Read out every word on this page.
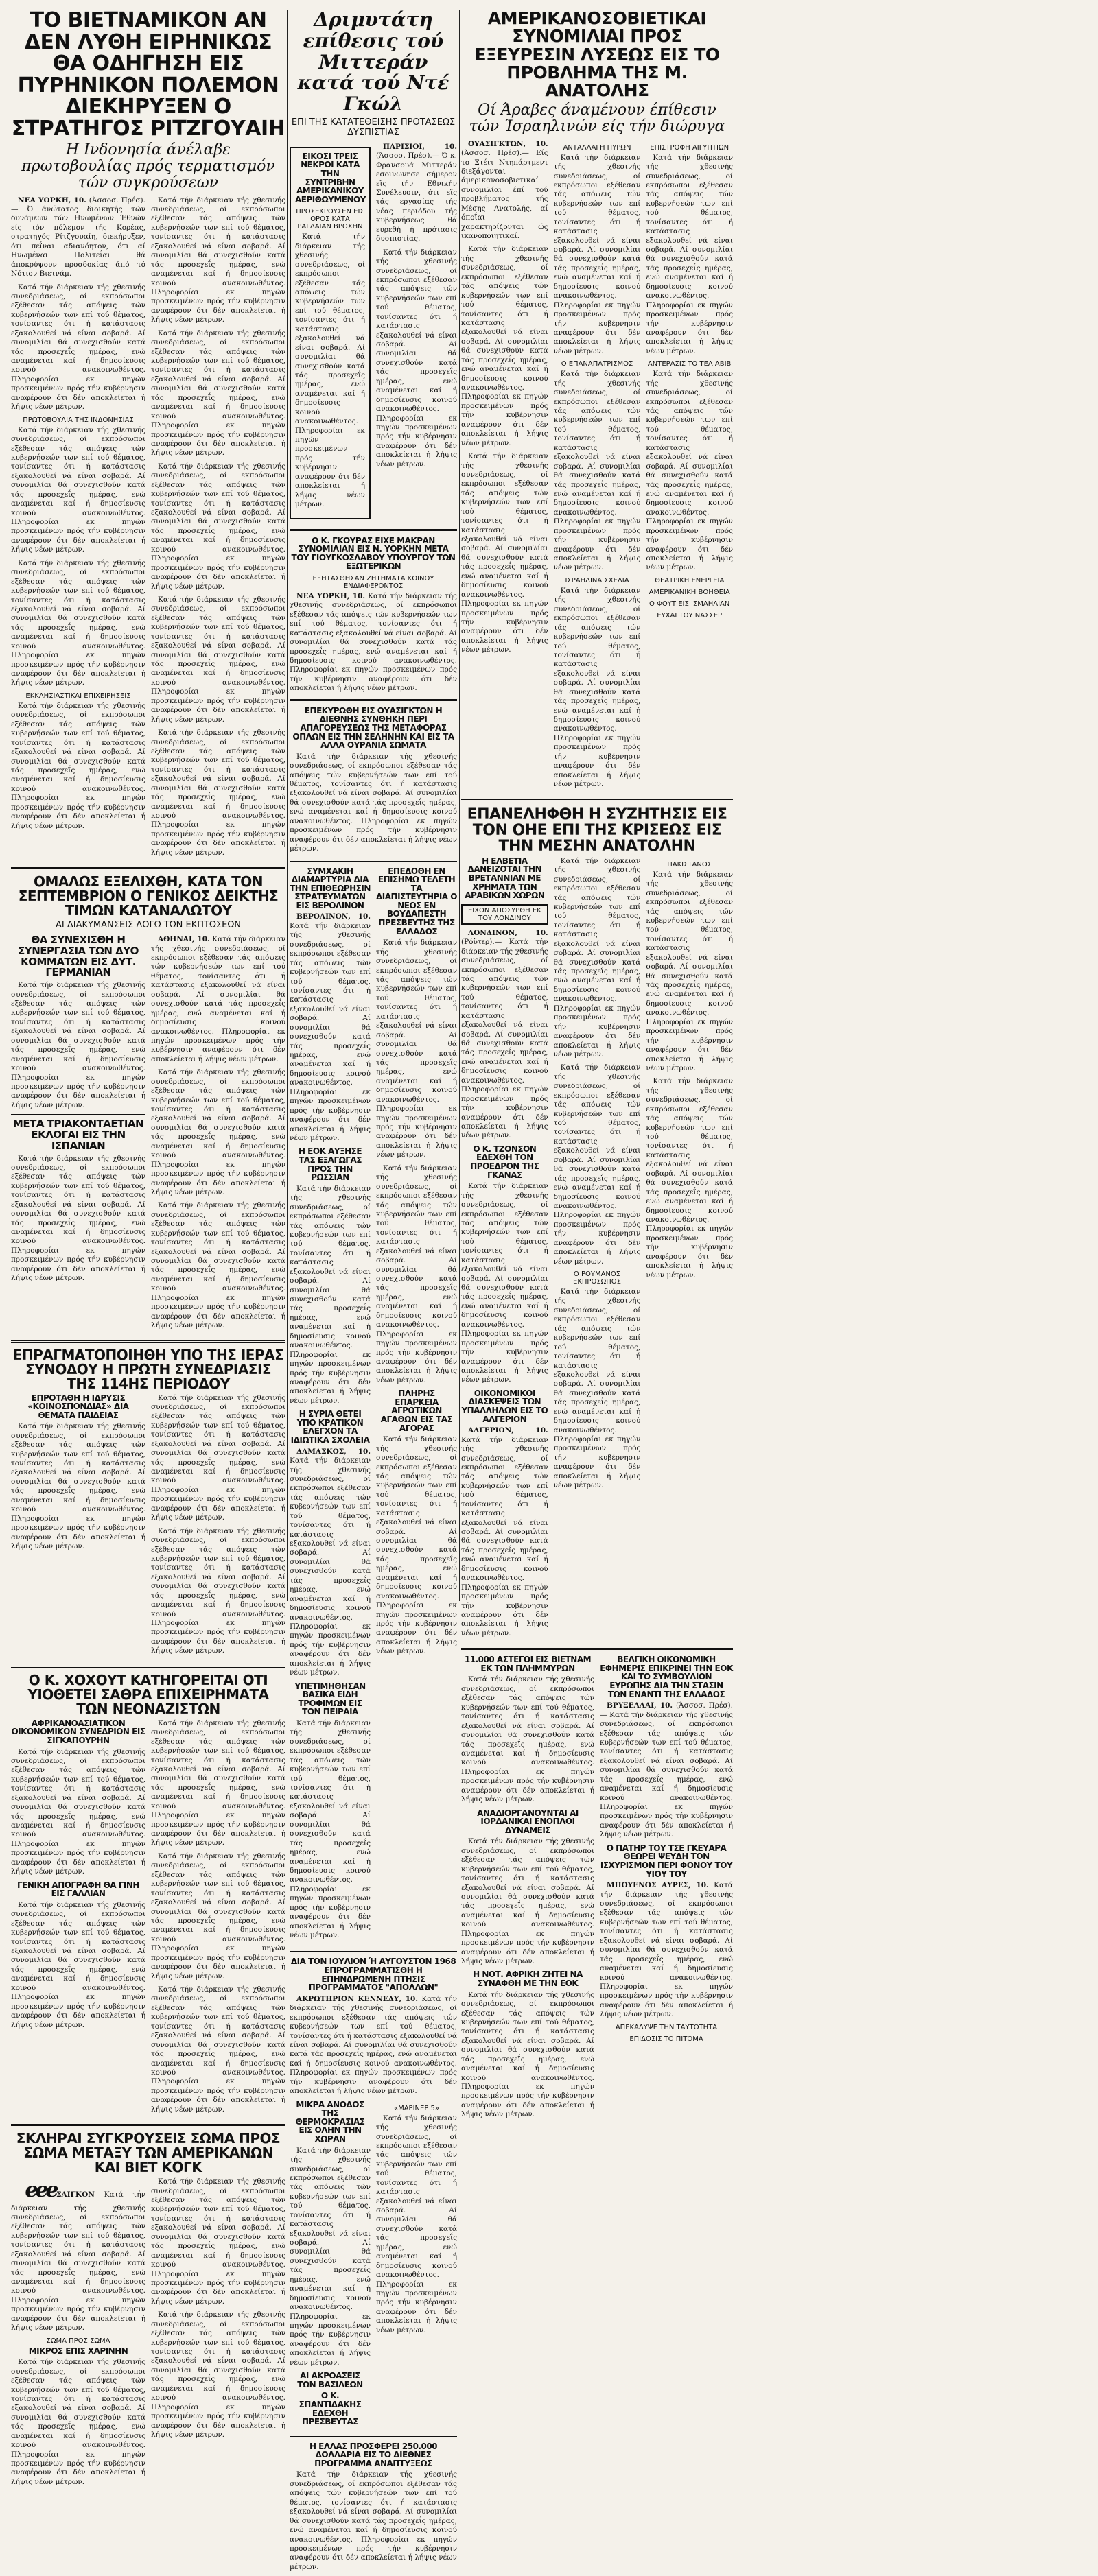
ΤΟ ΒΙΕΤΝΑΜΙΚΟΝ ΑΝ ΔΕΝ ΛΥΘΗ ΕΙΡΗΝΙΚΩΣ ΘΑ ΟΔΗΓΗΣΗ ΕΙΣ ΠΥΡΗΝΙΚΟΝ ΠΟΛΕΜΟΝ ΔΙΕΚΗΡΥΞΕΝ Ο ΣΤΡΑΤΗΓΟΣ ΡΙΤΖΓΟΥΑΙΗ
Η Ινδονησία άνέλαβε πρωτοβουλίας πρός τερματισμόν τών συγκρούσεων

ΝΕΑ ΥΟΡΚΗ, 10. (Άσσοσ. Πρέσ).— Ό άνώτατος διοικητής τών δυνάμεων τών Ηνωμένων Έθνών είς τόν πόλεμον τής Κορέας, στρατηγός Ρίτζγουαίη, διεκήρυξεν, ότι πεΐναι αδιανόητον, ότι αί Ηνωμέναι Πολιτεΐαι θά άποκρύψουν προσδοκίας άπό τό Νότιον Βιετνάμ.

Κατά τήν διάρκειαν τής χθεσινής συνεδριάσεως, οί εκπρόσωποι εξέθεσαν τάς απόψεις τών κυβερνήσεών των επί τού θέματος, τονίσαντες ότι ή κατάστασις εξακολουθεί νά είναι σοβαρά. Αί συνομιλίαι θά συνεχισθούν κατά τάς προσεχεΐς ημέρας, ενώ αναμένεται καί ή δημοσίευσις κοινού ανακοινωθέντος. Πληροφορίαι εκ πηγών προσκειμένων πρός τήν κυβέρνησιν αναφέρουν ότι δέν αποκλείεται ή λήψις νέων μέτρων.

ΠΡΩΤΟΒΟΥΛΙΑ ΤΗΣ ΙΝΔΟΝΗΣΙΑΣ

Κατά τήν διάρκειαν τής χθεσινής συνεδριάσεως, οί εκπρόσωποι εξέθεσαν τάς απόψεις τών κυβερνήσεών των επί τού θέματος, τονίσαντες ότι ή κατάστασις εξακολουθεί νά είναι σοβαρά. Αί συνομιλίαι θά συνεχισθούν κατά τάς προσεχεΐς ημέρας, ενώ αναμένεται καί ή δημοσίευσις κοινού ανακοινωθέντος. Πληροφορίαι εκ πηγών προσκειμένων πρός τήν κυβέρνησιν αναφέρουν ότι δέν αποκλείεται ή λήψις νέων μέτρων.

Κατά τήν διάρκειαν τής χθεσινής συνεδριάσεως, οί εκπρόσωποι εξέθεσαν τάς απόψεις τών κυβερνήσεών των επί τού θέματος, τονίσαντες ότι ή κατάστασις εξακολουθεί νά είναι σοβαρά. Αί συνομιλίαι θά συνεχισθούν κατά τάς προσεχεΐς ημέρας, ενώ αναμένεται καί ή δημοσίευσις κοινού ανακοινωθέντος. Πληροφορίαι εκ πηγών προσκειμένων πρός τήν κυβέρνησιν αναφέρουν ότι δέν αποκλείεται ή λήψις νέων μέτρων.

ΕΚΚΛΗΣΙΑΣΤΙΚΑΙ ΕΠΙΧΕΙΡΗΣΕΙΣ

Κατά τήν διάρκειαν τής χθεσινής συνεδριάσεως, οί εκπρόσωποι εξέθεσαν τάς απόψεις τών κυβερνήσεών των επί τού θέματος, τονίσαντες ότι ή κατάστασις εξακολουθεί νά είναι σοβαρά. Αί συνομιλίαι θά συνεχισθούν κατά τάς προσεχεΐς ημέρας, ενώ αναμένεται καί ή δημοσίευσις κοινού ανακοινωθέντος. Πληροφορίαι εκ πηγών προσκειμένων πρός τήν κυβέρνησιν αναφέρουν ότι δέν αποκλείεται ή λήψις νέων μέτρων.

Κατά τήν διάρκειαν τής χθεσινής συνεδριάσεως, οί εκπρόσωποι εξέθεσαν τάς απόψεις τών κυβερνήσεών των επί τού θέματος, τονίσαντες ότι ή κατάστασις εξακολουθεί νά είναι σοβαρά. Αί συνομιλίαι θά συνεχισθούν κατά τάς προσεχεΐς ημέρας, ενώ αναμένεται καί ή δημοσίευσις κοινού ανακοινωθέντος. Πληροφορίαι εκ πηγών προσκειμένων πρός τήν κυβέρνησιν αναφέρουν ότι δέν αποκλείεται ή λήψις νέων μέτρων.

Κατά τήν διάρκειαν τής χθεσινής συνεδριάσεως, οί εκπρόσωποι εξέθεσαν τάς απόψεις τών κυβερνήσεών των επί τού θέματος, τονίσαντες ότι ή κατάστασις εξακολουθεί νά είναι σοβαρά. Αί συνομιλίαι θά συνεχισθούν κατά τάς προσεχεΐς ημέρας, ενώ αναμένεται καί ή δημοσίευσις κοινού ανακοινωθέντος. Πληροφορίαι εκ πηγών προσκειμένων πρός τήν κυβέρνησιν αναφέρουν ότι δέν αποκλείεται ή λήψις νέων μέτρων.

Κατά τήν διάρκειαν τής χθεσινής συνεδριάσεως, οί εκπρόσωποι εξέθεσαν τάς απόψεις τών κυβερνήσεών των επί τού θέματος, τονίσαντες ότι ή κατάστασις εξακολουθεί νά είναι σοβαρά. Αί συνομιλίαι θά συνεχισθούν κατά τάς προσεχεΐς ημέρας, ενώ αναμένεται καί ή δημοσίευσις κοινού ανακοινωθέντος. Πληροφορίαι εκ πηγών προσκειμένων πρός τήν κυβέρνησιν αναφέρουν ότι δέν αποκλείεται ή λήψις νέων μέτρων.

Κατά τήν διάρκειαν τής χθεσινής συνεδριάσεως, οί εκπρόσωποι εξέθεσαν τάς απόψεις τών κυβερνήσεών των επί τού θέματος, τονίσαντες ότι ή κατάστασις εξακολουθεί νά είναι σοβαρά. Αί συνομιλίαι θά συνεχισθούν κατά τάς προσεχεΐς ημέρας, ενώ αναμένεται καί ή δημοσίευσις κοινού ανακοινωθέντος. Πληροφορίαι εκ πηγών προσκειμένων πρός τήν κυβέρνησιν αναφέρουν ότι δέν αποκλείεται ή λήψις νέων μέτρων.

Κατά τήν διάρκειαν τής χθεσινής συνεδριάσεως, οί εκπρόσωποι εξέθεσαν τάς απόψεις τών κυβερνήσεών των επί τού θέματος, τονίσαντες ότι ή κατάστασις εξακολουθεί νά είναι σοβαρά. Αί συνομιλίαι θά συνεχισθούν κατά τάς προσεχεΐς ημέρας, ενώ αναμένεται καί ή δημοσίευσις κοινού ανακοινωθέντος. Πληροφορίαι εκ πηγών προσκειμένων πρός τήν κυβέρνησιν αναφέρουν ότι δέν αποκλείεται ή λήψις νέων μέτρων.

ΟΜΑΛΩΣ ΕΞΕΛΙΧΘΗ, ΚΑΤΑ ΤΟΝ ΣΕΠΤΕΜΒΡΙΟΝ Ο ΓΕΝΙΚΟΣ ΔΕΙΚΤΗΣ ΤΙΜΩΝ ΚΑΤΑΝΑΛΩΤΟΥ
ΑΙ ΔΙΑΚΥΜΑΝΣΕΙΣ ΛΟΓΩ ΤΩΝ ΕΚΠΤΩΣΕΩΝ
ΘΑ ΣΥΝΕΧΙΣΘΗ Η ΣΥΝΕΡΓΑΣΙΑ ΤΩΝ ΔΥΟ ΚΟΜΜΑΤΩΝ ΕΙΣ ΔΥΤ. ΓΕΡΜΑΝΙΑΝ

Κατά τήν διάρκειαν τής χθεσινής συνεδριάσεως, οί εκπρόσωποι εξέθεσαν τάς απόψεις τών κυβερνήσεών των επί τού θέματος, τονίσαντες ότι ή κατάστασις εξακολουθεί νά είναι σοβαρά. Αί συνομιλίαι θά συνεχισθούν κατά τάς προσεχεΐς ημέρας, ενώ αναμένεται καί ή δημοσίευσις κοινού ανακοινωθέντος. Πληροφορίαι εκ πηγών προσκειμένων πρός τήν κυβέρνησιν αναφέρουν ότι δέν αποκλείεται ή λήψις νέων μέτρων.

ΜΕΤΑ ΤΡΙΑΚΟΝΤΑΕΤΙΑΝ ΕΚΛΟΓΑΙ ΕΙΣ ΤΗΝ ΙΣΠΑΝΙΑΝ

Κατά τήν διάρκειαν τής χθεσινής συνεδριάσεως, οί εκπρόσωποι εξέθεσαν τάς απόψεις τών κυβερνήσεών των επί τού θέματος, τονίσαντες ότι ή κατάστασις εξακολουθεί νά είναι σοβαρά. Αί συνομιλίαι θά συνεχισθούν κατά τάς προσεχεΐς ημέρας, ενώ αναμένεται καί ή δημοσίευσις κοινού ανακοινωθέντος. Πληροφορίαι εκ πηγών προσκειμένων πρός τήν κυβέρνησιν αναφέρουν ότι δέν αποκλείεται ή λήψις νέων μέτρων.

ΑΘΗΝΑΙ, 10. Κατά τήν διάρκειαν τής χθεσινής συνεδριάσεως, οί εκπρόσωποι εξέθεσαν τάς απόψεις τών κυβερνήσεών των επί τού θέματος, τονίσαντες ότι ή κατάστασις εξακολουθεί νά είναι σοβαρά. Αί συνομιλίαι θά συνεχισθούν κατά τάς προσεχεΐς ημέρας, ενώ αναμένεται καί ή δημοσίευσις κοινού ανακοινωθέντος. Πληροφορίαι εκ πηγών προσκειμένων πρός τήν κυβέρνησιν αναφέρουν ότι δέν αποκλείεται ή λήψις νέων μέτρων.

Κατά τήν διάρκειαν τής χθεσινής συνεδριάσεως, οί εκπρόσωποι εξέθεσαν τάς απόψεις τών κυβερνήσεών των επί τού θέματος, τονίσαντες ότι ή κατάστασις εξακολουθεί νά είναι σοβαρά. Αί συνομιλίαι θά συνεχισθούν κατά τάς προσεχεΐς ημέρας, ενώ αναμένεται καί ή δημοσίευσις κοινού ανακοινωθέντος. Πληροφορίαι εκ πηγών προσκειμένων πρός τήν κυβέρνησιν αναφέρουν ότι δέν αποκλείεται ή λήψις νέων μέτρων.

Κατά τήν διάρκειαν τής χθεσινής συνεδριάσεως, οί εκπρόσωποι εξέθεσαν τάς απόψεις τών κυβερνήσεών των επί τού θέματος, τονίσαντες ότι ή κατάστασις εξακολουθεί νά είναι σοβαρά. Αί συνομιλίαι θά συνεχισθούν κατά τάς προσεχεΐς ημέρας, ενώ αναμένεται καί ή δημοσίευσις κοινού ανακοινωθέντος. Πληροφορίαι εκ πηγών προσκειμένων πρός τήν κυβέρνησιν αναφέρουν ότι δέν αποκλείεται ή λήψις νέων μέτρων.

ΕΠΡΑΓΜΑΤΟΠΟΙΗΘΗ ΥΠΟ ΤΗΣ ΙΕΡΑΣ ΣΥΝΟΔΟΥ Η ΠΡΩΤΗ ΣΥΝΕΔΡΙΑΣΙΣ ΤΗΣ 114ΗΣ ΠΕΡΙΟΔΟΥ
ΕΠΡΟΤΑΘΗ Η ΙΔΡΥΣΙΣ «ΚΟΙΝΟΣΠΟΝΔΙΑΣ» ΔΙΑ ΘΕΜΑΤΑ ΠΑΙΔΕΙΑΣ

Κατά τήν διάρκειαν τής χθεσινής συνεδριάσεως, οί εκπρόσωποι εξέθεσαν τάς απόψεις τών κυβερνήσεών των επί τού θέματος, τονίσαντες ότι ή κατάστασις εξακολουθεί νά είναι σοβαρά. Αί συνομιλίαι θά συνεχισθούν κατά τάς προσεχεΐς ημέρας, ενώ αναμένεται καί ή δημοσίευσις κοινού ανακοινωθέντος. Πληροφορίαι εκ πηγών προσκειμένων πρός τήν κυβέρνησιν αναφέρουν ότι δέν αποκλείεται ή λήψις νέων μέτρων.

Κατά τήν διάρκειαν τής χθεσινής συνεδριάσεως, οί εκπρόσωποι εξέθεσαν τάς απόψεις τών κυβερνήσεών των επί τού θέματος, τονίσαντες ότι ή κατάστασις εξακολουθεί νά είναι σοβαρά. Αί συνομιλίαι θά συνεχισθούν κατά τάς προσεχεΐς ημέρας, ενώ αναμένεται καί ή δημοσίευσις κοινού ανακοινωθέντος. Πληροφορίαι εκ πηγών προσκειμένων πρός τήν κυβέρνησιν αναφέρουν ότι δέν αποκλείεται ή λήψις νέων μέτρων.

Κατά τήν διάρκειαν τής χθεσινής συνεδριάσεως, οί εκπρόσωποι εξέθεσαν τάς απόψεις τών κυβερνήσεών των επί τού θέματος, τονίσαντες ότι ή κατάστασις εξακολουθεί νά είναι σοβαρά. Αί συνομιλίαι θά συνεχισθούν κατά τάς προσεχεΐς ημέρας, ενώ αναμένεται καί ή δημοσίευσις κοινού ανακοινωθέντος. Πληροφορίαι εκ πηγών προσκειμένων πρός τήν κυβέρνησιν αναφέρουν ότι δέν αποκλείεται ή λήψις νέων μέτρων.

Ο Κ. ΧΟΧΟΥΤ ΚΑΤΗΓΟΡΕΙΤΑΙ ΟΤΙ ΥΙΟΘΕΤΕΙ ΣΑΘΡΑ ΕΠΙΧΕΙΡΗΜΑΤΑ ΤΩΝ ΝΕΟΝΑΖΙΣΤΩΝ
ΑΦΡΙΚΑΝΟΑΣΙΑΤΙΚΟΝ ΟΙΚΟΝΟΜΙΚΟΝ ΣΥΝΕΔΡΙΟΝ ΕΙΣ ΣΙΓΚΑΠΟΥΡΗΝ

Κατά τήν διάρκειαν τής χθεσινής συνεδριάσεως, οί εκπρόσωποι εξέθεσαν τάς απόψεις τών κυβερνήσεών των επί τού θέματος, τονίσαντες ότι ή κατάστασις εξακολουθεί νά είναι σοβαρά. Αί συνομιλίαι θά συνεχισθούν κατά τάς προσεχεΐς ημέρας, ενώ αναμένεται καί ή δημοσίευσις κοινού ανακοινωθέντος. Πληροφορίαι εκ πηγών προσκειμένων πρός τήν κυβέρνησιν αναφέρουν ότι δέν αποκλείεται ή λήψις νέων μέτρων.

ΓΕΝΙΚΗ ΑΠΟΓΡΑΦΗ ΘΑ ΓΙΝΗ ΕΙΣ ΓΑΛΛΙΑΝ

Κατά τήν διάρκειαν τής χθεσινής συνεδριάσεως, οί εκπρόσωποι εξέθεσαν τάς απόψεις τών κυβερνήσεών των επί τού θέματος, τονίσαντες ότι ή κατάστασις εξακολουθεί νά είναι σοβαρά. Αί συνομιλίαι θά συνεχισθούν κατά τάς προσεχεΐς ημέρας, ενώ αναμένεται καί ή δημοσίευσις κοινού ανακοινωθέντος. Πληροφορίαι εκ πηγών προσκειμένων πρός τήν κυβέρνησιν αναφέρουν ότι δέν αποκλείεται ή λήψις νέων μέτρων.

Κατά τήν διάρκειαν τής χθεσινής συνεδριάσεως, οί εκπρόσωποι εξέθεσαν τάς απόψεις τών κυβερνήσεών των επί τού θέματος, τονίσαντες ότι ή κατάστασις εξακολουθεί νά είναι σοβαρά. Αί συνομιλίαι θά συνεχισθούν κατά τάς προσεχεΐς ημέρας, ενώ αναμένεται καί ή δημοσίευσις κοινού ανακοινωθέντος. Πληροφορίαι εκ πηγών προσκειμένων πρός τήν κυβέρνησιν αναφέρουν ότι δέν αποκλείεται ή λήψις νέων μέτρων.

Κατά τήν διάρκειαν τής χθεσινής συνεδριάσεως, οί εκπρόσωποι εξέθεσαν τάς απόψεις τών κυβερνήσεών των επί τού θέματος, τονίσαντες ότι ή κατάστασις εξακολουθεί νά είναι σοβαρά. Αί συνομιλίαι θά συνεχισθούν κατά τάς προσεχεΐς ημέρας, ενώ αναμένεται καί ή δημοσίευσις κοινού ανακοινωθέντος. Πληροφορίαι εκ πηγών προσκειμένων πρός τήν κυβέρνησιν αναφέρουν ότι δέν αποκλείεται ή λήψις νέων μέτρων.

Κατά τήν διάρκειαν τής χθεσινής συνεδριάσεως, οί εκπρόσωποι εξέθεσαν τάς απόψεις τών κυβερνήσεών των επί τού θέματος, τονίσαντες ότι ή κατάστασις εξακολουθεί νά είναι σοβαρά. Αί συνομιλίαι θά συνεχισθούν κατά τάς προσεχεΐς ημέρας, ενώ αναμένεται καί ή δημοσίευσις κοινού ανακοινωθέντος. Πληροφορίαι εκ πηγών προσκειμένων πρός τήν κυβέρνησιν αναφέρουν ότι δέν αποκλείεται ή λήψις νέων μέτρων.

ΣΚΛΗΡΑΙ ΣΥΓΚΡΟΥΣΕΙΣ ΣΩΜΑ ΠΡΟΣ ΣΩΜΑ ΜΕΤΑΞΥ ΤΩΝ ΑΜΕΡΙΚΑΝΩΝ ΚΑΙ ΒΙΕΤ ΚΟΓΚ

eeeΣΑΙΓΚΟΝ Κατά τήν διάρκειαν τής χθεσινής συνεδριάσεως, οί εκπρόσωποι εξέθεσαν τάς απόψεις τών κυβερνήσεών των επί τού θέματος, τονίσαντες ότι ή κατάστασις εξακολουθεί νά είναι σοβαρά. Αί συνομιλίαι θά συνεχισθούν κατά τάς προσεχεΐς ημέρας, ενώ αναμένεται καί ή δημοσίευσις κοινού ανακοινωθέντος. Πληροφορίαι εκ πηγών προσκειμένων πρός τήν κυβέρνησιν αναφέρουν ότι δέν αποκλείεται ή λήψις νέων μέτρων.

ΣΩΜΑ ΠΡΟΣ ΣΩΜΑ
ΜΙΚΡΟΣ ΕΠΙΣ ΧΑΡΙΝΗΝ

Κατά τήν διάρκειαν τής χθεσινής συνεδριάσεως, οί εκπρόσωποι εξέθεσαν τάς απόψεις τών κυβερνήσεών των επί τού θέματος, τονίσαντες ότι ή κατάστασις εξακολουθεί νά είναι σοβαρά. Αί συνομιλίαι θά συνεχισθούν κατά τάς προσεχεΐς ημέρας, ενώ αναμένεται καί ή δημοσίευσις κοινού ανακοινωθέντος. Πληροφορίαι εκ πηγών προσκειμένων πρός τήν κυβέρνησιν αναφέρουν ότι δέν αποκλείεται ή λήψις νέων μέτρων.

Κατά τήν διάρκειαν τής χθεσινής συνεδριάσεως, οί εκπρόσωποι εξέθεσαν τάς απόψεις τών κυβερνήσεών των επί τού θέματος, τονίσαντες ότι ή κατάστασις εξακολουθεί νά είναι σοβαρά. Αί συνομιλίαι θά συνεχισθούν κατά τάς προσεχεΐς ημέρας, ενώ αναμένεται καί ή δημοσίευσις κοινού ανακοινωθέντος. Πληροφορίαι εκ πηγών προσκειμένων πρός τήν κυβέρνησιν αναφέρουν ότι δέν αποκλείεται ή λήψις νέων μέτρων.

Κατά τήν διάρκειαν τής χθεσινής συνεδριάσεως, οί εκπρόσωποι εξέθεσαν τάς απόψεις τών κυβερνήσεών των επί τού θέματος, τονίσαντες ότι ή κατάστασις εξακολουθεί νά είναι σοβαρά. Αί συνομιλίαι θά συνεχισθούν κατά τάς προσεχεΐς ημέρας, ενώ αναμένεται καί ή δημοσίευσις κοινού ανακοινωθέντος. Πληροφορίαι εκ πηγών προσκειμένων πρός τήν κυβέρνησιν αναφέρουν ότι δέν αποκλείεται ή λήψις νέων μέτρων.

Δριμυτάτη επίθεσις τού Μιττεράν κατά τού Ντέ Γκώλ
ΕΠΙ ΤΗΣ ΚΑΤΑΤΕΘΕΙΣΗΣ ΠΡΟΤΑΣΕΩΣ ΔΥΣΠΙΣΤΙΑΣ
ΕΙΚΟΣΙ ΤΡΕΙΣ ΝΕΚΡΟΙ ΚΑΤΑ ΤΗΝ ΣΥΝΤΡΙΒΗΝ ΑΜΕΡΙΚΑΝΙΚΟΥ ΑΕΡΙΘΩΥΜΕΝΟΥ
ΠΡΟΣΕΚΡΟΥΣΕΝ ΕΙΣ ΟΡΟΣ ΚΑΤΑ ΡΑΓΔΑΙΑΝ ΒΡΟΧΗΝ

Κατά τήν διάρκειαν τής χθεσινής συνεδριάσεως, οί εκπρόσωποι εξέθεσαν τάς απόψεις τών κυβερνήσεών των επί τού θέματος, τονίσαντες ότι ή κατάστασις εξακολουθεί νά είναι σοβαρά. Αί συνομιλίαι θά συνεχισθούν κατά τάς προσεχεΐς ημέρας, ενώ αναμένεται καί ή δημοσίευσις κοινού ανακοινωθέντος. Πληροφορίαι εκ πηγών προσκειμένων πρός τήν κυβέρνησιν αναφέρουν ότι δέν αποκλείεται ή λήψις νέων μέτρων.

ΠΑΡΙΣΙΟΙ, 10. (Άσσοσ. Πρέσ).— Ό κ. Φρανσουά Μιττεράν εσοινωνησε σήμερον εϊς τήν Εθνικήν Συνέλευσιν, ότι εϊς τάς εργασίας τής νέας περιόδου τής κυβερνήσεως θά ευρεθή ή πρότασις δυσπιστίας.

Κατά τήν διάρκειαν τής χθεσινής συνεδριάσεως, οί εκπρόσωποι εξέθεσαν τάς απόψεις τών κυβερνήσεών των επί τού θέματος, τονίσαντες ότι ή κατάστασις εξακολουθεί νά είναι σοβαρά. Αί συνομιλίαι θά συνεχισθούν κατά τάς προσεχεΐς ημέρας, ενώ αναμένεται καί ή δημοσίευσις κοινού ανακοινωθέντος. Πληροφορίαι εκ πηγών προσκειμένων πρός τήν κυβέρνησιν αναφέρουν ότι δέν αποκλείεται ή λήψις νέων μέτρων.

Ο Κ. ΓΚΟΥΡΑΣ ΕΙΧΕ ΜΑΚΡΑΝ ΣΥΝΟΜΙΛΙΑΝ ΕΙΣ Ν. ΥΟΡΚΗΝ ΜΕΤΑ ΤΟΥ ΓΙΟΥΓΚΟΣΛΑΒΟΥ ΥΠΟΥΡΓΟΥ ΤΩΝ ΕΞΩΤΕΡΙΚΩΝ
ΕΞΗΤΑΣΘΗΣΑΝ ΖΗΤΗΜΑΤΑ ΚΟΙΝΟΥ ΕΝΔΙΑΦΕΡΟΝΤΟΣ

ΝΕΑ ΥΟΡΚΗ, 10. Κατά τήν διάρκειαν τής χθεσινής συνεδριάσεως, οί εκπρόσωποι εξέθεσαν τάς απόψεις τών κυβερνήσεών των επί τού θέματος, τονίσαντες ότι ή κατάστασις εξακολουθεί νά είναι σοβαρά. Αί συνομιλίαι θά συνεχισθούν κατά τάς προσεχεΐς ημέρας, ενώ αναμένεται καί ή δημοσίευσις κοινού ανακοινωθέντος. Πληροφορίαι εκ πηγών προσκειμένων πρός τήν κυβέρνησιν αναφέρουν ότι δέν αποκλείεται ή λήψις νέων μέτρων.

ΕΠΕΚΥΡΩΘΗ ΕΙΣ ΟΥΑΣΙΓΚΤΩΝ Η ΔΙΕΘΝΗΣ ΣΥΝΘΗΚΗ ΠΕΡΙ ΑΠΑΓΟΡΕΥΣΕΩΣ ΤΗΣ ΜΕΤΑΦΟΡΑΣ ΟΠΛΩΝ ΕΙΣ ΤΗΝ ΣΕΛΗΝΗΝ ΚΑΙ ΕΙΣ ΤΑ ΑΛΛΑ ΟΥΡΑΝΙΑ ΣΩΜΑΤΑ

Κατά τήν διάρκειαν τής χθεσινής συνεδριάσεως, οί εκπρόσωποι εξέθεσαν τάς απόψεις τών κυβερνήσεών των επί τού θέματος, τονίσαντες ότι ή κατάστασις εξακολουθεί νά είναι σοβαρά. Αί συνομιλίαι θά συνεχισθούν κατά τάς προσεχεΐς ημέρας, ενώ αναμένεται καί ή δημοσίευσις κοινού ανακοινωθέντος. Πληροφορίαι εκ πηγών προσκειμένων πρός τήν κυβέρνησιν αναφέρουν ότι δέν αποκλείεται ή λήψις νέων μέτρων.

ΣΥΜΧΑΚΙΗ ΔΙΑΜΑΡΤΥΡΙΑ ΔΙΑ ΤΗΝ ΕΠΙΘΕΩΡΗΣΙΝ ΣΤΡΑΤΕΥΜΑΤΩΝ ΕΙΣ ΒΕΡΟΛΙΝΟΝ

ΒΕΡΟΛΙΝΟΝ, 10. Κατά τήν διάρκειαν τής χθεσινής συνεδριάσεως, οί εκπρόσωποι εξέθεσαν τάς απόψεις τών κυβερνήσεών των επί τού θέματος, τονίσαντες ότι ή κατάστασις εξακολουθεί νά είναι σοβαρά. Αί συνομιλίαι θά συνεχισθούν κατά τάς προσεχεΐς ημέρας, ενώ αναμένεται καί ή δημοσίευσις κοινού ανακοινωθέντος. Πληροφορίαι εκ πηγών προσκειμένων πρός τήν κυβέρνησιν αναφέρουν ότι δέν αποκλείεται ή λήψις νέων μέτρων.

Η ΕΟΚ ΑΥΞΗΣΕ ΤΑΣ ΕΞΑΓΩΓΑΣ ΠΡΟΣ ΤΗΝ ΡΩΣΣΙΑΝ

Κατά τήν διάρκειαν τής χθεσινής συνεδριάσεως, οί εκπρόσωποι εξέθεσαν τάς απόψεις τών κυβερνήσεών των επί τού θέματος, τονίσαντες ότι ή κατάστασις εξακολουθεί νά είναι σοβαρά. Αί συνομιλίαι θά συνεχισθούν κατά τάς προσεχεΐς ημέρας, ενώ αναμένεται καί ή δημοσίευσις κοινού ανακοινωθέντος. Πληροφορίαι εκ πηγών προσκειμένων πρός τήν κυβέρνησιν αναφέρουν ότι δέν αποκλείεται ή λήψις νέων μέτρων.

Η ΣΥΡΙΑ ΘΕΤΕΙ ΥΠΟ ΚΡΑΤΙΚΟΝ ΕΛΕΓΧΟΝ ΤΑ ΙΔΙΩΤΙΚΑ ΣΧΟΛΕΙΑ

ΔΑΜΑΣΚΟΣ, 10. Κατά τήν διάρκειαν τής χθεσινής συνεδριάσεως, οί εκπρόσωποι εξέθεσαν τάς απόψεις τών κυβερνήσεών των επί τού θέματος, τονίσαντες ότι ή κατάστασις εξακολουθεί νά είναι σοβαρά. Αί συνομιλίαι θά συνεχισθούν κατά τάς προσεχεΐς ημέρας, ενώ αναμένεται καί ή δημοσίευσις κοινού ανακοινωθέντος. Πληροφορίαι εκ πηγών προσκειμένων πρός τήν κυβέρνησιν αναφέρουν ότι δέν αποκλείεται ή λήψις νέων μέτρων.

ΥΠΕΤΙΜΗΘΗΣΑΝ ΒΑΣΙΚΑ ΕΙΔΗ ΤΡΟΦΙΜΩΝ ΕΙΣ ΤΟΝ ΠΕΙΡΑΙΑ

Κατά τήν διάρκειαν τής χθεσινής συνεδριάσεως, οί εκπρόσωποι εξέθεσαν τάς απόψεις τών κυβερνήσεών των επί τού θέματος, τονίσαντες ότι ή κατάστασις εξακολουθεί νά είναι σοβαρά. Αί συνομιλίαι θά συνεχισθούν κατά τάς προσεχεΐς ημέρας, ενώ αναμένεται καί ή δημοσίευσις κοινού ανακοινωθέντος. Πληροφορίαι εκ πηγών προσκειμένων πρός τήν κυβέρνησιν αναφέρουν ότι δέν αποκλείεται ή λήψις νέων μέτρων.

ΕΠΕΔΟΘΗ ΕΝ ΕΠΙΣΗΜΩ ΤΕΛΕΤΗ ΤΑ ΔΙΑΠΙΣΤΕΥΤΗΡΙΑ Ο ΝΕΟΣ ΕΝ ΒΟΥΔΑΠΕΣΤΗ ΠΡΕΣΒΕΥΤΗΣ ΤΗΣ ΕΛΛΑΔΟΣ

Κατά τήν διάρκειαν τής χθεσινής συνεδριάσεως, οί εκπρόσωποι εξέθεσαν τάς απόψεις τών κυβερνήσεών των επί τού θέματος, τονίσαντες ότι ή κατάστασις εξακολουθεί νά είναι σοβαρά. Αί συνομιλίαι θά συνεχισθούν κατά τάς προσεχεΐς ημέρας, ενώ αναμένεται καί ή δημοσίευσις κοινού ανακοινωθέντος. Πληροφορίαι εκ πηγών προσκειμένων πρός τήν κυβέρνησιν αναφέρουν ότι δέν αποκλείεται ή λήψις νέων μέτρων.

Κατά τήν διάρκειαν τής χθεσινής συνεδριάσεως, οί εκπρόσωποι εξέθεσαν τάς απόψεις τών κυβερνήσεών των επί τού θέματος, τονίσαντες ότι ή κατάστασις εξακολουθεί νά είναι σοβαρά. Αί συνομιλίαι θά συνεχισθούν κατά τάς προσεχεΐς ημέρας, ενώ αναμένεται καί ή δημοσίευσις κοινού ανακοινωθέντος. Πληροφορίαι εκ πηγών προσκειμένων πρός τήν κυβέρνησιν αναφέρουν ότι δέν αποκλείεται ή λήψις νέων μέτρων.

ΠΛΗΡΗΣ ΕΠΑΡΚΕΙΑ ΑΓΡΟΤΙΚΩΝ ΑΓΑΘΩΝ ΕΙΣ ΤΑΣ ΑΓΟΡΑΣ

Κατά τήν διάρκειαν τής χθεσινής συνεδριάσεως, οί εκπρόσωποι εξέθεσαν τάς απόψεις τών κυβερνήσεών των επί τού θέματος, τονίσαντες ότι ή κατάστασις εξακολουθεί νά είναι σοβαρά. Αί συνομιλίαι θά συνεχισθούν κατά τάς προσεχεΐς ημέρας, ενώ αναμένεται καί ή δημοσίευσις κοινού ανακοινωθέντος. Πληροφορίαι εκ πηγών προσκειμένων πρός τήν κυβέρνησιν αναφέρουν ότι δέν αποκλείεται ή λήψις νέων μέτρων.

ΔΙΑ ΤΟΝ ΙΟΥΛΙΟΝ Ή ΑΥΓΟΥΣΤΟΝ 1968 ΕΠΡΟΓΡΑΜΜΑΤΙΣΘΗ Η ΕΠΗΝΔΡΩΜΕΝΗ ΠΤΗΣΙΣ ΠΡΟΓΡΑΜΜΑΤΟΣ "ΑΠΟΛΛΩΝ"

ΑΚΡΩΤΗΡΙΟΝ ΚΕΝΝΕΔΥ, 10. Κατά τήν διάρκειαν τής χθεσινής συνεδριάσεως, οί εκπρόσωποι εξέθεσαν τάς απόψεις τών κυβερνήσεών των επί τού θέματος, τονίσαντες ότι ή κατάστασις εξακολουθεί νά είναι σοβαρά. Αί συνομιλίαι θά συνεχισθούν κατά τάς προσεχεΐς ημέρας, ενώ αναμένεται καί ή δημοσίευσις κοινού ανακοινωθέντος. Πληροφορίαι εκ πηγών προσκειμένων πρός τήν κυβέρνησιν αναφέρουν ότι δέν αποκλείεται ή λήψις νέων μέτρων.

ΜΙΚΡΑ ΑΝΟΔΟΣ ΤΗΣ ΘΕΡΜΟΚΡΑΣΙΑΣ ΕΙΣ ΟΛΗΝ ΤΗΝ ΧΩΡΑΝ

Κατά τήν διάρκειαν τής χθεσινής συνεδριάσεως, οί εκπρόσωποι εξέθεσαν τάς απόψεις τών κυβερνήσεών των επί τού θέματος, τονίσαντες ότι ή κατάστασις εξακολουθεί νά είναι σοβαρά. Αί συνομιλίαι θά συνεχισθούν κατά τάς προσεχεΐς ημέρας, ενώ αναμένεται καί ή δημοσίευσις κοινού ανακοινωθέντος. Πληροφορίαι εκ πηγών προσκειμένων πρός τήν κυβέρνησιν αναφέρουν ότι δέν αποκλείεται ή λήψις νέων μέτρων.

ΑΙ ΑΚΡΟΑΣΕΙΣ ΤΩΝ ΒΑΣΙΛΕΩΝ
Ο Κ. ΣΠΑΝΤΙΔΑΚΗΣ ΕΔΕΧΘΗ ΠΡΕΣΒΕΥΤΑΣ
«ΜΑΡΙΝΕΡ 5»

Κατά τήν διάρκειαν τής χθεσινής συνεδριάσεως, οί εκπρόσωποι εξέθεσαν τάς απόψεις τών κυβερνήσεών των επί τού θέματος, τονίσαντες ότι ή κατάστασις εξακολουθεί νά είναι σοβαρά. Αί συνομιλίαι θά συνεχισθούν κατά τάς προσεχεΐς ημέρας, ενώ αναμένεται καί ή δημοσίευσις κοινού ανακοινωθέντος. Πληροφορίαι εκ πηγών προσκειμένων πρός τήν κυβέρνησιν αναφέρουν ότι δέν αποκλείεται ή λήψις νέων μέτρων.

Η ΕΛΛΑΣ ΠΡΟΣΦΕΡΕΙ 250.000 ΔΟΛΛΑΡΙΑ ΕΙΣ ΤΟ ΔΙΕΘΝΕΣ ΠΡΟΓΡΑΜΜΑ ΑΝΑΠΤΥΞΕΩΣ

Κατά τήν διάρκειαν τής χθεσινής συνεδριάσεως, οί εκπρόσωποι εξέθεσαν τάς απόψεις τών κυβερνήσεών των επί τού θέματος, τονίσαντες ότι ή κατάστασις εξακολουθεί νά είναι σοβαρά. Αί συνομιλίαι θά συνεχισθούν κατά τάς προσεχεΐς ημέρας, ενώ αναμένεται καί ή δημοσίευσις κοινού ανακοινωθέντος. Πληροφορίαι εκ πηγών προσκειμένων πρός τήν κυβέρνησιν αναφέρουν ότι δέν αποκλείεται ή λήψις νέων μέτρων.

ΑΜΕΡΙΚΑΝΟΣΟΒΙΕΤΙΚΑΙ ΣΥΝΟΜΙΛΙΑΙ ΠΡΟΣ ΕΞΕΥΡΕΣΙΝ ΛΥΣΕΩΣ ΕΙΣ ΤΟ ΠΡΟΒΛΗΜΑ ΤΗΣ Μ. ΑΝΑΤΟΛΗΣ
Οί Άραβες άναμένουν έπίθεσιν τών Ίσραηλινών είς τήν διώρυγα

ΟΥΑΣΙΓΚΤΩΝ, 10. (Άσσοσ. Πρέσ).— Είς το Στέιτ Ντηπάρτμεντ διεξάγονται άμερικανοσοβιετικαί συνομιλίαι έπί τού προβλήματος τής Μέσης Ανατολής, αί όποΐαι χαρακτηρίζονται ώς ικανοποιητικαί.

Κατά τήν διάρκειαν τής χθεσινής συνεδριάσεως, οί εκπρόσωποι εξέθεσαν τάς απόψεις τών κυβερνήσεών των επί τού θέματος, τονίσαντες ότι ή κατάστασις εξακολουθεί νά είναι σοβαρά. Αί συνομιλίαι θά συνεχισθούν κατά τάς προσεχεΐς ημέρας, ενώ αναμένεται καί ή δημοσίευσις κοινού ανακοινωθέντος. Πληροφορίαι εκ πηγών προσκειμένων πρός τήν κυβέρνησιν αναφέρουν ότι δέν αποκλείεται ή λήψις νέων μέτρων.

Κατά τήν διάρκειαν τής χθεσινής συνεδριάσεως, οί εκπρόσωποι εξέθεσαν τάς απόψεις τών κυβερνήσεών των επί τού θέματος, τονίσαντες ότι ή κατάστασις εξακολουθεί νά είναι σοβαρά. Αί συνομιλίαι θά συνεχισθούν κατά τάς προσεχεΐς ημέρας, ενώ αναμένεται καί ή δημοσίευσις κοινού ανακοινωθέντος. Πληροφορίαι εκ πηγών προσκειμένων πρός τήν κυβέρνησιν αναφέρουν ότι δέν αποκλείεται ή λήψις νέων μέτρων.

ΑΝΤΑΛΛΑΓΗ ΠΥΡΩΝ

Κατά τήν διάρκειαν τής χθεσινής συνεδριάσεως, οί εκπρόσωποι εξέθεσαν τάς απόψεις τών κυβερνήσεών των επί τού θέματος, τονίσαντες ότι ή κατάστασις εξακολουθεί νά είναι σοβαρά. Αί συνομιλίαι θά συνεχισθούν κατά τάς προσεχεΐς ημέρας, ενώ αναμένεται καί ή δημοσίευσις κοινού ανακοινωθέντος. Πληροφορίαι εκ πηγών προσκειμένων πρός τήν κυβέρνησιν αναφέρουν ότι δέν αποκλείεται ή λήψις νέων μέτρων.

Ο ΕΠΑΝΑΠΑΤΡΙΣΜΟΣ

Κατά τήν διάρκειαν τής χθεσινής συνεδριάσεως, οί εκπρόσωποι εξέθεσαν τάς απόψεις τών κυβερνήσεών των επί τού θέματος, τονίσαντες ότι ή κατάστασις εξακολουθεί νά είναι σοβαρά. Αί συνομιλίαι θά συνεχισθούν κατά τάς προσεχεΐς ημέρας, ενώ αναμένεται καί ή δημοσίευσις κοινού ανακοινωθέντος. Πληροφορίαι εκ πηγών προσκειμένων πρός τήν κυβέρνησιν αναφέρουν ότι δέν αποκλείεται ή λήψις νέων μέτρων.

ΙΣΡΑΗΛΙΝΑ ΣΧΕΔΙΑ

Κατά τήν διάρκειαν τής χθεσινής συνεδριάσεως, οί εκπρόσωποι εξέθεσαν τάς απόψεις τών κυβερνήσεών των επί τού θέματος, τονίσαντες ότι ή κατάστασις εξακολουθεί νά είναι σοβαρά. Αί συνομιλίαι θά συνεχισθούν κατά τάς προσεχεΐς ημέρας, ενώ αναμένεται καί ή δημοσίευσις κοινού ανακοινωθέντος. Πληροφορίαι εκ πηγών προσκειμένων πρός τήν κυβέρνησιν αναφέρουν ότι δέν αποκλείεται ή λήψις νέων μέτρων.

ΕΠΙΣΤΡΟΦΗ ΑΙΓΥΠΤΙΩΝ

Κατά τήν διάρκειαν τής χθεσινής συνεδριάσεως, οί εκπρόσωποι εξέθεσαν τάς απόψεις τών κυβερνήσεών των επί τού θέματος, τονίσαντες ότι ή κατάστασις εξακολουθεί νά είναι σοβαρά. Αί συνομιλίαι θά συνεχισθούν κατά τάς προσεχεΐς ημέρας, ενώ αναμένεται καί ή δημοσίευσις κοινού ανακοινωθέντος. Πληροφορίαι εκ πηγών προσκειμένων πρός τήν κυβέρνησιν αναφέρουν ότι δέν αποκλείεται ή λήψις νέων μέτρων.

ΑΝΤΕΡΑΣΙΣ ΤΟ ΤΕΛ ΑΒΙΒ

Κατά τήν διάρκειαν τής χθεσινής συνεδριάσεως, οί εκπρόσωποι εξέθεσαν τάς απόψεις τών κυβερνήσεών των επί τού θέματος, τονίσαντες ότι ή κατάστασις εξακολουθεί νά είναι σοβαρά. Αί συνομιλίαι θά συνεχισθούν κατά τάς προσεχεΐς ημέρας, ενώ αναμένεται καί ή δημοσίευσις κοινού ανακοινωθέντος. Πληροφορίαι εκ πηγών προσκειμένων πρός τήν κυβέρνησιν αναφέρουν ότι δέν αποκλείεται ή λήψις νέων μέτρων.

ΘΕΑΤΡΙΚΗ ΕΝΕΡΓΕΙΑ
ΑΜΕΡΙΚΑΝΙΚΗ ΒΟΗΘΕΙΑ
Ο ΦΟΥΤ ΕΙΣ ΙΣΜΑΗΛΙΑΝ
ΕΥΧΑΙ ΤΟΥ ΝΑΣΣΕΡ
ΕΠΑΝΕΛΗΦΘΗ Η ΣΥΖΗΤΗΣΙΣ ΕΙΣ ΤΟΝ ΟΗΕ ΕΠΙ ΤΗΣ ΚΡΙΣΕΩΣ ΕΙΣ ΤΗΝ ΜΕΣΗΝ ΑΝΑΤΟΛΗΝ
Η ΕΛΒΕΤΙΑ ΔΑΝΕΙΖΟΤΑΙ ΤΗΝ ΒΡΕΤΑΝΝΙΑΝ ΜΕ ΧΡΗΜΑΤΑ ΤΩΝ ΑΡΑΒΙΚΩΝ ΧΩΡΩΝ
ΕΙΧΟΝ ΑΠΟΣΥΡΘΗ ΕΚ ΤΟΥ ΛΟΝΔΙΝΟΥ

ΛΟΝΔΙΝΟΝ, 10. (Ρόϋτερ).— Κατά τήν διάρκειαν τής χθεσινής συνεδριάσεως, οί εκπρόσωποι εξέθεσαν τάς απόψεις τών κυβερνήσεών των επί τού θέματος, τονίσαντες ότι ή κατάστασις εξακολουθεί νά είναι σοβαρά. Αί συνομιλίαι θά συνεχισθούν κατά τάς προσεχεΐς ημέρας, ενώ αναμένεται καί ή δημοσίευσις κοινού ανακοινωθέντος. Πληροφορίαι εκ πηγών προσκειμένων πρός τήν κυβέρνησιν αναφέρουν ότι δέν αποκλείεται ή λήψις νέων μέτρων.

Ο Κ. ΤΖΟΝΣΟΝ ΕΔΕΧΘΗ ΤΟΝ ΠΡΟΕΔΡΟΝ ΤΗΣ ΓΚΑΝΑΣ

Κατά τήν διάρκειαν τής χθεσινής συνεδριάσεως, οί εκπρόσωποι εξέθεσαν τάς απόψεις τών κυβερνήσεών των επί τού θέματος, τονίσαντες ότι ή κατάστασις εξακολουθεί νά είναι σοβαρά. Αί συνομιλίαι θά συνεχισθούν κατά τάς προσεχεΐς ημέρας, ενώ αναμένεται καί ή δημοσίευσις κοινού ανακοινωθέντος. Πληροφορίαι εκ πηγών προσκειμένων πρός τήν κυβέρνησιν αναφέρουν ότι δέν αποκλείεται ή λήψις νέων μέτρων.

ΟΙΚΟΝΟΜΙΚΟΙ ΔΙΑΣΚΕΨΕΙΣ ΤΩΝ ΥΠΑΛΛΗΛΩΝ ΕΙΣ ΤΟ ΑΛΓΕΡΙΟΝ

ΑΛΓΕΡΙΟΝ, 10. Κατά τήν διάρκειαν τής χθεσινής συνεδριάσεως, οί εκπρόσωποι εξέθεσαν τάς απόψεις τών κυβερνήσεών των επί τού θέματος, τονίσαντες ότι ή κατάστασις εξακολουθεί νά είναι σοβαρά. Αί συνομιλίαι θά συνεχισθούν κατά τάς προσεχεΐς ημέρας, ενώ αναμένεται καί ή δημοσίευσις κοινού ανακοινωθέντος. Πληροφορίαι εκ πηγών προσκειμένων πρός τήν κυβέρνησιν αναφέρουν ότι δέν αποκλείεται ή λήψις νέων μέτρων.

Κατά τήν διάρκειαν τής χθεσινής συνεδριάσεως, οί εκπρόσωποι εξέθεσαν τάς απόψεις τών κυβερνήσεών των επί τού θέματος, τονίσαντες ότι ή κατάστασις εξακολουθεί νά είναι σοβαρά. Αί συνομιλίαι θά συνεχισθούν κατά τάς προσεχεΐς ημέρας, ενώ αναμένεται καί ή δημοσίευσις κοινού ανακοινωθέντος. Πληροφορίαι εκ πηγών προσκειμένων πρός τήν κυβέρνησιν αναφέρουν ότι δέν αποκλείεται ή λήψις νέων μέτρων.

Κατά τήν διάρκειαν τής χθεσινής συνεδριάσεως, οί εκπρόσωποι εξέθεσαν τάς απόψεις τών κυβερνήσεών των επί τού θέματος, τονίσαντες ότι ή κατάστασις εξακολουθεί νά είναι σοβαρά. Αί συνομιλίαι θά συνεχισθούν κατά τάς προσεχεΐς ημέρας, ενώ αναμένεται καί ή δημοσίευσις κοινού ανακοινωθέντος. Πληροφορίαι εκ πηγών προσκειμένων πρός τήν κυβέρνησιν αναφέρουν ότι δέν αποκλείεται ή λήψις νέων μέτρων.

Ο ΡΟΥΜΑΝΟΣ ΕΚΠΡΟΣΩΠΟΣ

Κατά τήν διάρκειαν τής χθεσινής συνεδριάσεως, οί εκπρόσωποι εξέθεσαν τάς απόψεις τών κυβερνήσεών των επί τού θέματος, τονίσαντες ότι ή κατάστασις εξακολουθεί νά είναι σοβαρά. Αί συνομιλίαι θά συνεχισθούν κατά τάς προσεχεΐς ημέρας, ενώ αναμένεται καί ή δημοσίευσις κοινού ανακοινωθέντος. Πληροφορίαι εκ πηγών προσκειμένων πρός τήν κυβέρνησιν αναφέρουν ότι δέν αποκλείεται ή λήψις νέων μέτρων.

ΠΑΚΙΣΤΑΝΟΣ

Κατά τήν διάρκειαν τής χθεσινής συνεδριάσεως, οί εκπρόσωποι εξέθεσαν τάς απόψεις τών κυβερνήσεών των επί τού θέματος, τονίσαντες ότι ή κατάστασις εξακολουθεί νά είναι σοβαρά. Αί συνομιλίαι θά συνεχισθούν κατά τάς προσεχεΐς ημέρας, ενώ αναμένεται καί ή δημοσίευσις κοινού ανακοινωθέντος. Πληροφορίαι εκ πηγών προσκειμένων πρός τήν κυβέρνησιν αναφέρουν ότι δέν αποκλείεται ή λήψις νέων μέτρων.

Κατά τήν διάρκειαν τής χθεσινής συνεδριάσεως, οί εκπρόσωποι εξέθεσαν τάς απόψεις τών κυβερνήσεών των επί τού θέματος, τονίσαντες ότι ή κατάστασις εξακολουθεί νά είναι σοβαρά. Αί συνομιλίαι θά συνεχισθούν κατά τάς προσεχεΐς ημέρας, ενώ αναμένεται καί ή δημοσίευσις κοινού ανακοινωθέντος. Πληροφορίαι εκ πηγών προσκειμένων πρός τήν κυβέρνησιν αναφέρουν ότι δέν αποκλείεται ή λήψις νέων μέτρων.

11.000 ΑΣΤΕΓΟΙ ΕΙΣ ΒΙΕΤΝΑΜ ΕΚ ΤΩΝ ΠΛΗΜΜΥΡΩΝ

Κατά τήν διάρκειαν τής χθεσινής συνεδριάσεως, οί εκπρόσωποι εξέθεσαν τάς απόψεις τών κυβερνήσεών των επί τού θέματος, τονίσαντες ότι ή κατάστασις εξακολουθεί νά είναι σοβαρά. Αί συνομιλίαι θά συνεχισθούν κατά τάς προσεχεΐς ημέρας, ενώ αναμένεται καί ή δημοσίευσις κοινού ανακοινωθέντος. Πληροφορίαι εκ πηγών προσκειμένων πρός τήν κυβέρνησιν αναφέρουν ότι δέν αποκλείεται ή λήψις νέων μέτρων.

ΑΝΑΔΙΟΡΓΑΝΟΥΝΤΑΙ ΑΙ ΙΟΡΔΑΝΙΚΑΙ ΕΝΟΠΛΟΙ ΔΥΝΑΜΕΙΣ

Κατά τήν διάρκειαν τής χθεσινής συνεδριάσεως, οί εκπρόσωποι εξέθεσαν τάς απόψεις τών κυβερνήσεών των επί τού θέματος, τονίσαντες ότι ή κατάστασις εξακολουθεί νά είναι σοβαρά. Αί συνομιλίαι θά συνεχισθούν κατά τάς προσεχεΐς ημέρας, ενώ αναμένεται καί ή δημοσίευσις κοινού ανακοινωθέντος. Πληροφορίαι εκ πηγών προσκειμένων πρός τήν κυβέρνησιν αναφέρουν ότι δέν αποκλείεται ή λήψις νέων μέτρων.

Η ΝΟΤ. ΑΦΡΙΚΗ ΖΗΤΕΙ ΝΑ ΣΥΝΑΦΘΗ ΜΕ ΤΗΝ ΕΟΚ

Κατά τήν διάρκειαν τής χθεσινής συνεδριάσεως, οί εκπρόσωποι εξέθεσαν τάς απόψεις τών κυβερνήσεών των επί τού θέματος, τονίσαντες ότι ή κατάστασις εξακολουθεί νά είναι σοβαρά. Αί συνομιλίαι θά συνεχισθούν κατά τάς προσεχεΐς ημέρας, ενώ αναμένεται καί ή δημοσίευσις κοινού ανακοινωθέντος. Πληροφορίαι εκ πηγών προσκειμένων πρός τήν κυβέρνησιν αναφέρουν ότι δέν αποκλείεται ή λήψις νέων μέτρων.

ΒΕΛΓΙΚΗ ΟΙΚΟΝΟΜΙΚΗ ΕΦΗΜΕΡΙΣ ΕΠΙΚΡΙΝΕΙ ΤΗΝ ΕΟΚ ΚΑΙ ΤΟ ΣΥΜΒΟΥΛΙΟΝ ΕΥΡΩΠΗΣ ΔΙΑ ΤΗΝ ΣΤΑΣΙΝ ΤΩΝ ΕΝΑΝΤΙ ΤΗΣ ΕΛΛΑΔΟΣ

ΒΡΥΞΕΛΛΑΙ, 10. (Άσσοσ. Πρέσ).— Κατά τήν διάρκειαν τής χθεσινής συνεδριάσεως, οί εκπρόσωποι εξέθεσαν τάς απόψεις τών κυβερνήσεών των επί τού θέματος, τονίσαντες ότι ή κατάστασις εξακολουθεί νά είναι σοβαρά. Αί συνομιλίαι θά συνεχισθούν κατά τάς προσεχεΐς ημέρας, ενώ αναμένεται καί ή δημοσίευσις κοινού ανακοινωθέντος. Πληροφορίαι εκ πηγών προσκειμένων πρός τήν κυβέρνησιν αναφέρουν ότι δέν αποκλείεται ή λήψις νέων μέτρων.

Ο ΠΑΤΗΡ ΤΟΥ ΤΣΕ ΓΚΕΥΑΡΑ ΘΕΩΡΕΙ ΨΕΥΔΗ ΤΟΝ ΙΣΧΥΡΙΣΜΟΝ ΠΕΡΙ ΦΟΝΟΥ ΤΟΥ ΥΙΟΥ ΤΟΥ

ΜΠΟΥΕΝΟΣ ΑΥΡΕΣ, 10. Κατά τήν διάρκειαν τής χθεσινής συνεδριάσεως, οί εκπρόσωποι εξέθεσαν τάς απόψεις τών κυβερνήσεών των επί τού θέματος, τονίσαντες ότι ή κατάστασις εξακολουθεί νά είναι σοβαρά. Αί συνομιλίαι θά συνεχισθούν κατά τάς προσεχεΐς ημέρας, ενώ αναμένεται καί ή δημοσίευσις κοινού ανακοινωθέντος. Πληροφορίαι εκ πηγών προσκειμένων πρός τήν κυβέρνησιν αναφέρουν ότι δέν αποκλείεται ή λήψις νέων μέτρων.

ΑΠΕΚΑΛΥΨΕ ΤΗΝ ΤΑΥΤΟΤΗΤΑ
ΕΠΙΔΟΣΙΣ ΤΟ ΠΙΤΟΜΑ
